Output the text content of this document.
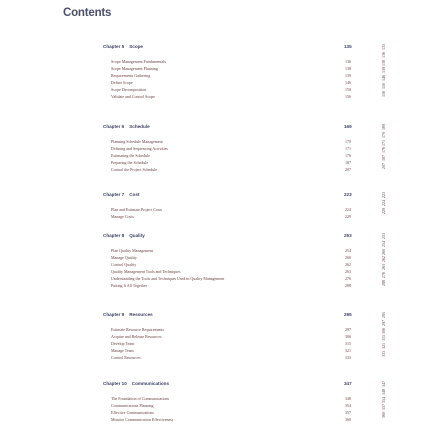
Contents
Chapter 5 Scope	135
Scope Management Fundamentals	136
Scope Management Planning	138
Requirements Gathering	139
Define Scope	146
Scope Decomposition	150
Validate and Control Scope	156
135
136
138
139
146
150
156
Chapter 6 Schedule	169
Planning Schedule Management	170
Defining and Sequencing Activities	171
Estimating the Schedule	176
Preparing the Schedule	187
Control the Project Schedule	207
169
170
171
176
187
207
Chapter 7 Cost	223
Plan and Estimate Project Costs	224
Manage Costs	229
223
224
229
Chapter 8 Quality	253
Plan Quality Management	254
Manage Quality	260
Control Quality	262
Quality Management Tools and Techniques	263
Understanding the Tools and Techniques Used in Quality Management	276
Putting It All Together	288
253
254
260
262
263
276
288
Chapter 9 Resources	295
Estimate Resource Requirements	297
Acquire and Release Resources	306
Develop Team	315
Manage Team	321
Control Resources	333
295
297
306
315
321
333
Chapter 10 Communications	347
The Foundation of Communications	348
Communications Planning	354
Effective Communications	357
Monitor Communication Effectiveness	360
347
348
354
357
360
